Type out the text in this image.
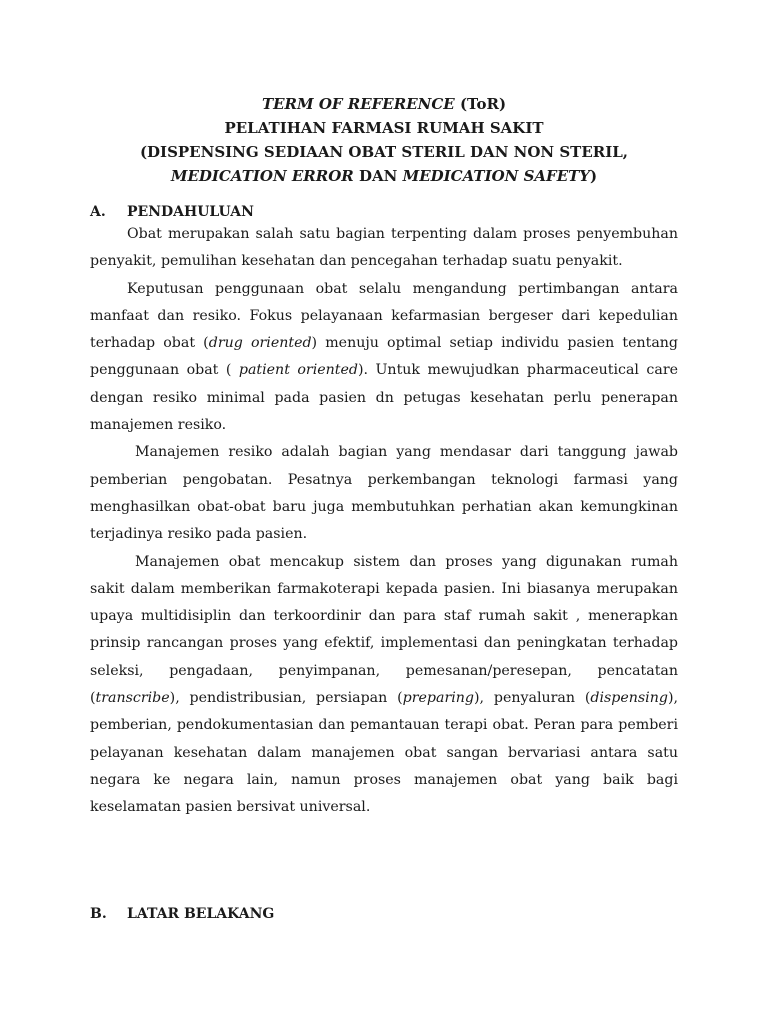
TERM OF REFERENCE (ToR)
PELATIHAN FARMASI RUMAH SAKIT
(DISPENSING SEDIAAN OBAT STERIL DAN NON STERIL,
MEDICATION ERROR DAN MEDICATION SAFETY)
A. PENDAHULUAN

Obat merupakan salah satu bagian terpenting dalam proses penyembuhan penyakit, pemulihan kesehatan dan pencegahan terhadap suatu penyakit.

Keputusan penggunaan obat selalu mengandung pertimbangan antara manfaat dan resiko. Fokus pelayanaan kefarmasian bergeser dari kepedulian terhadap obat (drug oriented) menuju optimal setiap individu pasien tentang penggunaan obat ( patient oriented). Untuk mewujudkan pharmaceutical care dengan resiko minimal pada pasien dn petugas kesehatan perlu penerapan manajemen resiko.

Manajemen resiko adalah bagian yang mendasar dari tanggung jawab pemberian pengobatan. Pesatnya perkembangan teknologi farmasi yang menghasilkan obat-obat baru juga membutuhkan perhatian akan kemungkinan terjadinya resiko pada pasien.

Manajemen obat mencakup sistem dan proses yang digunakan rumah sakit dalam memberikan farmakoterapi kepada pasien. Ini biasanya merupakan upaya multidisiplin dan terkoordinir dan para staf rumah sakit , menerapkan prinsip rancangan proses yang efektif, implementasi dan peningkatan terhadap seleksi, pengadaan, penyimpanan, pemesanan/peresepan, pencatatan (transcribe), pendistribusian, persiapan (preparing), penyaluran (dispensing), pemberian, pendokumentasian dan pemantauan terapi obat. Peran para pemberi pelayanan kesehatan dalam manajemen obat sangan bervariasi antara satu negara ke negara lain, namun proses manajemen obat yang baik bagi keselamatan pasien bersivat universal.

B. LATAR BELAKANG
